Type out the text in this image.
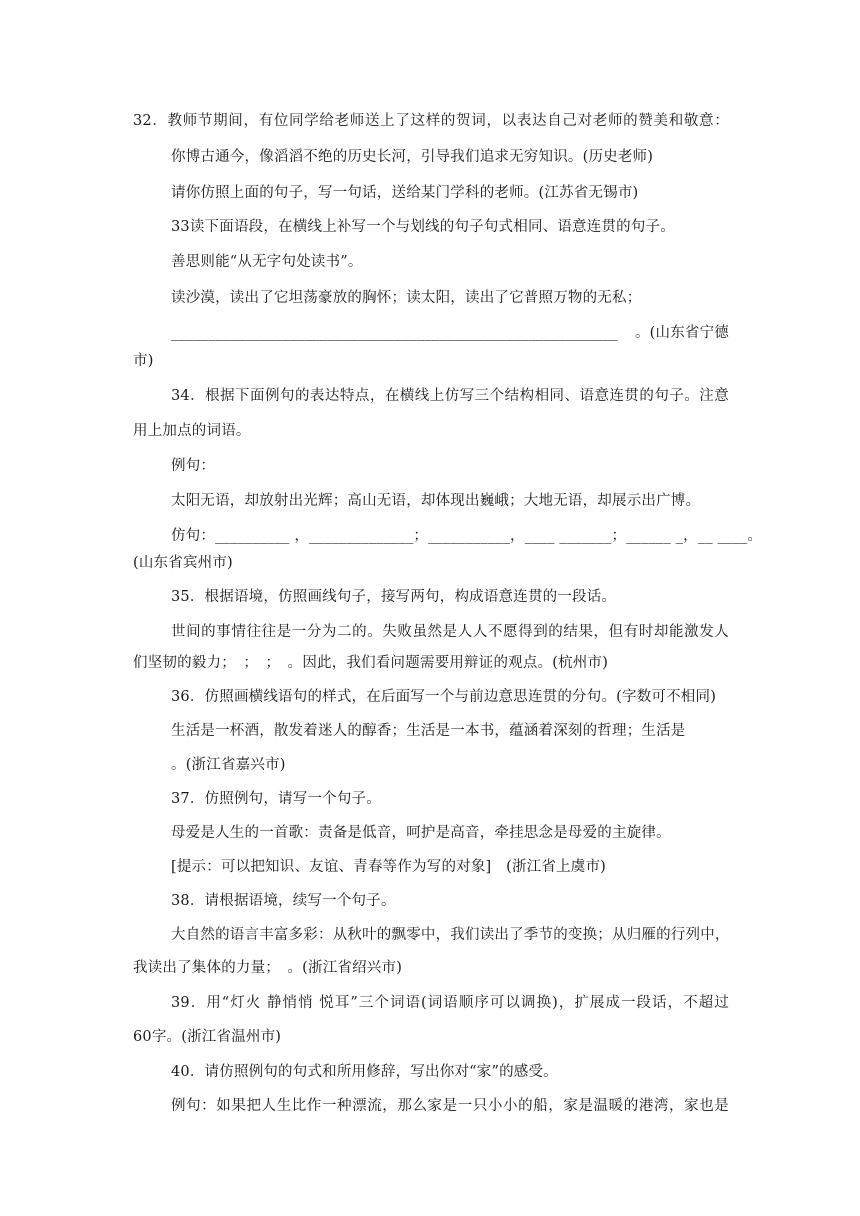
32．教师节期间，有位同学给老师送上了这样的贺词，以表达自己对老师的赞美和敬意：
你博古通今，像滔滔不绝的历史长河，引导我们追求无穷知识。(历史老师)
请你仿照上面的句子，写一句话，送给某门学科的老师。(江苏省无锡市)
33读下面语段，在横线上补写一个与划线的句子句式相同、语意连贯的句子。
善思则能“从无字句处读书”。
读沙漠，读出了它坦荡豪放的胸怀；读太阳，读出了它普照万物的无私；
____________________________________________________________ 。(山东省宁德
市)
34．根据下面例句的表达特点，在横线上仿写三个结构相同、语意连贯的句子。注意
用上加点的词语。
例句：
太阳无语，却放射出光辉；高山无语，却体现出巍峨；大地无语，却展示出广博。
仿句：__________ ，______________；___________，____ _______；______ _，__ ____。
(山东省宾州市)
35．根据语境，仿照画线句子，接写两句，构成语意连贯的一段话。
世间的事情往往是一分为二的。失败虽然是人人不愿得到的结果，但有时却能激发人
们坚韧的毅力；　；　；　。因此，我们看问题需要用辩证的观点。(杭州市)
36．仿照画横线语句的样式，在后面写一个与前边意思连贯的分句。(字数可不相同)
生活是一杯酒，散发着迷人的醇香；生活是一本书，蕴涵着深刻的哲理；生活是
。(浙江省嘉兴市)
37．仿照例句，请写一个句子。
母爱是人生的一首歌：责备是低音，呵护是高音，牵挂思念是母爱的主旋律。
[提示：可以把知识、友谊、青春等作为写的对象]　(浙江省上虞市)
38．请根据语境，续写一个句子。
大自然的语言丰富多彩：从秋叶的飘零中，我们读出了季节的变换；从归雁的行列中，
我读出了集体的力量；　。(浙江省绍兴市)
39．用“灯火 静悄悄 悦耳”三个词语(词语顺序可以调换)，扩展成一段话，不超过
60字。(浙江省温州市)
40．请仿照例句的句式和所用修辞，写出你对“家”的感受。
例句：如果把人生比作一种漂流，那么家是一只小小的船，家是温暖的港湾，家也是
